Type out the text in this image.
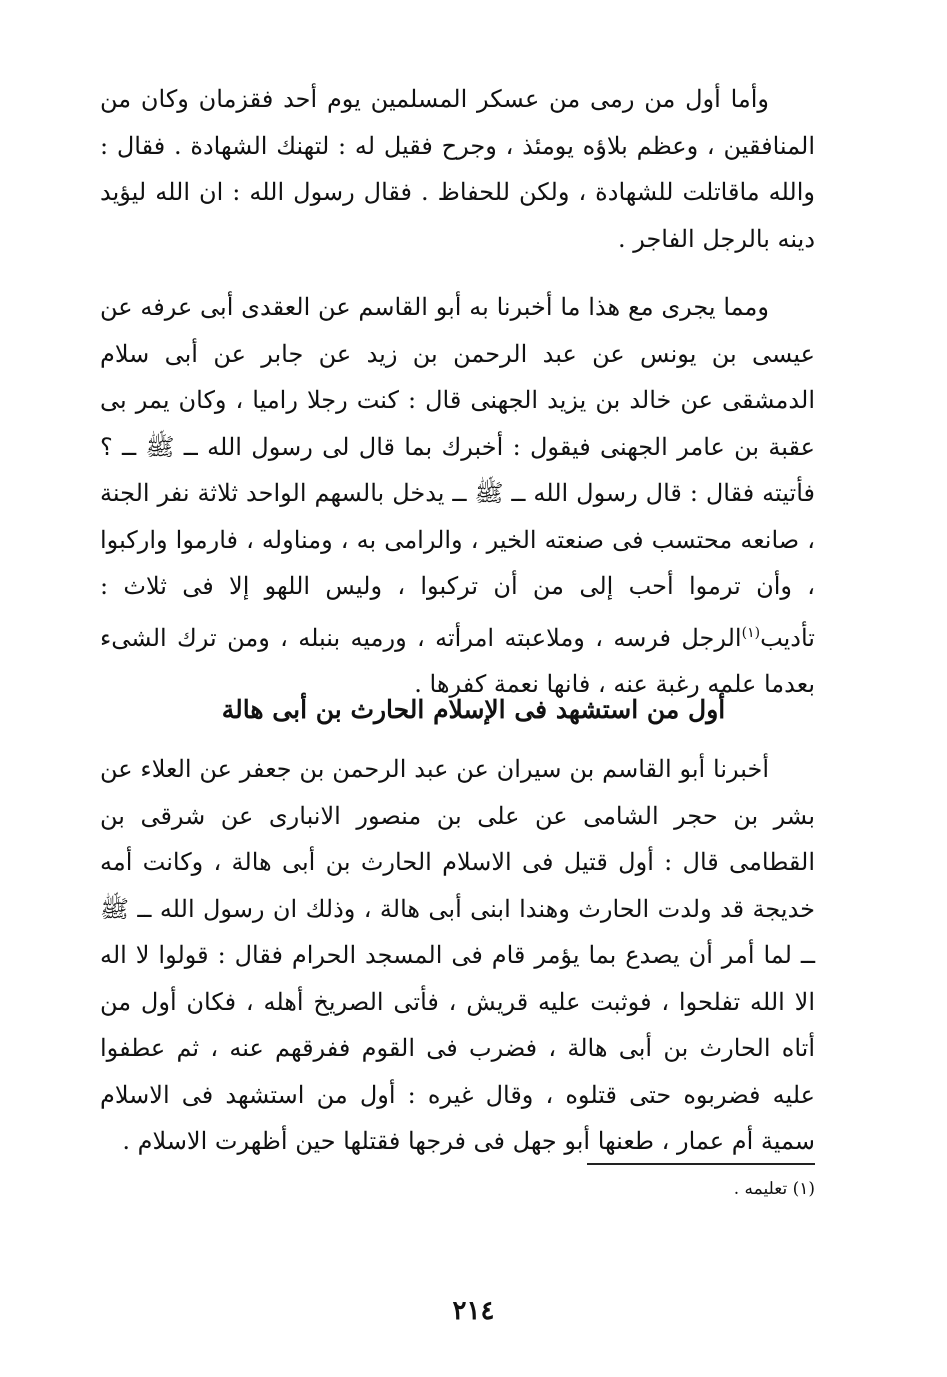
وأما أول من رمى من عسكر المسلمين يوم أحد فقزمان وكان من المنافقين ، وعظم بلاؤه يومئذ ، وجرح فقيل له : لتهنك الشهادة . فقال : والله ماقاتلت للشهادة ، ولكن للحفاظ . فقال رسول الله : ان الله ليؤيد دينه بالرجل الفاجر .

ومما يجرى مع هذا ما أخبرنا به أبو القاسم عن العقدى أبى عرفه عن عيسى بن يونس عن عبد الرحمن بن زيد عن جابر عن أبى سلام الدمشقى عن خالد بن يزيد الجهنى قال : كنت رجلا راميا ، وكان يمر بى عقبة بن عامر الجهنى فيقول : أخبرك بما قال لى رسول الله ــ ﷺ ــ ؟ فأتيته فقال : قال رسول الله ــ ﷺ ــ يدخل بالسهم الواحد ثلاثة نفر الجنة ، صانعه محتسب فى صنعته الخير ، والرامى به ، ومناوله ، فارموا واركبوا ، وأن ترموا أحب إلى من أن تركبوا ، وليس اللهو إلا فى ثلاث : تأديب$^{(١)}$الرجل فرسه ، وملاعبته امرأته ، ورميه بنبله ، ومن ترك الشىء بعدما علمه رغبة عنه ، فانها نعمة كفرها .

أول من استشهد فى الإسلام الحارث بن أبى هالة

أخبرنا أبو القاسم بن سيران عن عبد الرحمن بن جعفر عن العلاء عن بشر بن حجر الشامى عن على بن منصور الانبارى عن شرقى بن القطامى قال : أول قتيل فى الاسلام الحارث بن أبى هالة ، وكانت أمه خديجة قد ولدت الحارث وهندا ابنى أبى هالة ، وذلك ان رسول الله ــ ﷺ ــ لما أمر أن يصدع بما يؤمر قام فى المسجد الحرام فقال : قولوا لا اله الا الله تفلحوا ، فوثبت عليه قريش ، فأتى الصريخ أهله ، فكان أول من أتاه الحارث بن أبى هالة ، فضرب فى القوم ففرقهم عنه ، ثم عطفوا عليه فضربوه حتى قتلوه ، وقال غيره : أول من استشهد فى الاسلام سمية أم عمار ، طعنها أبو جهل فى فرجها فقتلها حين أظهرت الاسلام .

(١) تعليمه .
٢١٤
